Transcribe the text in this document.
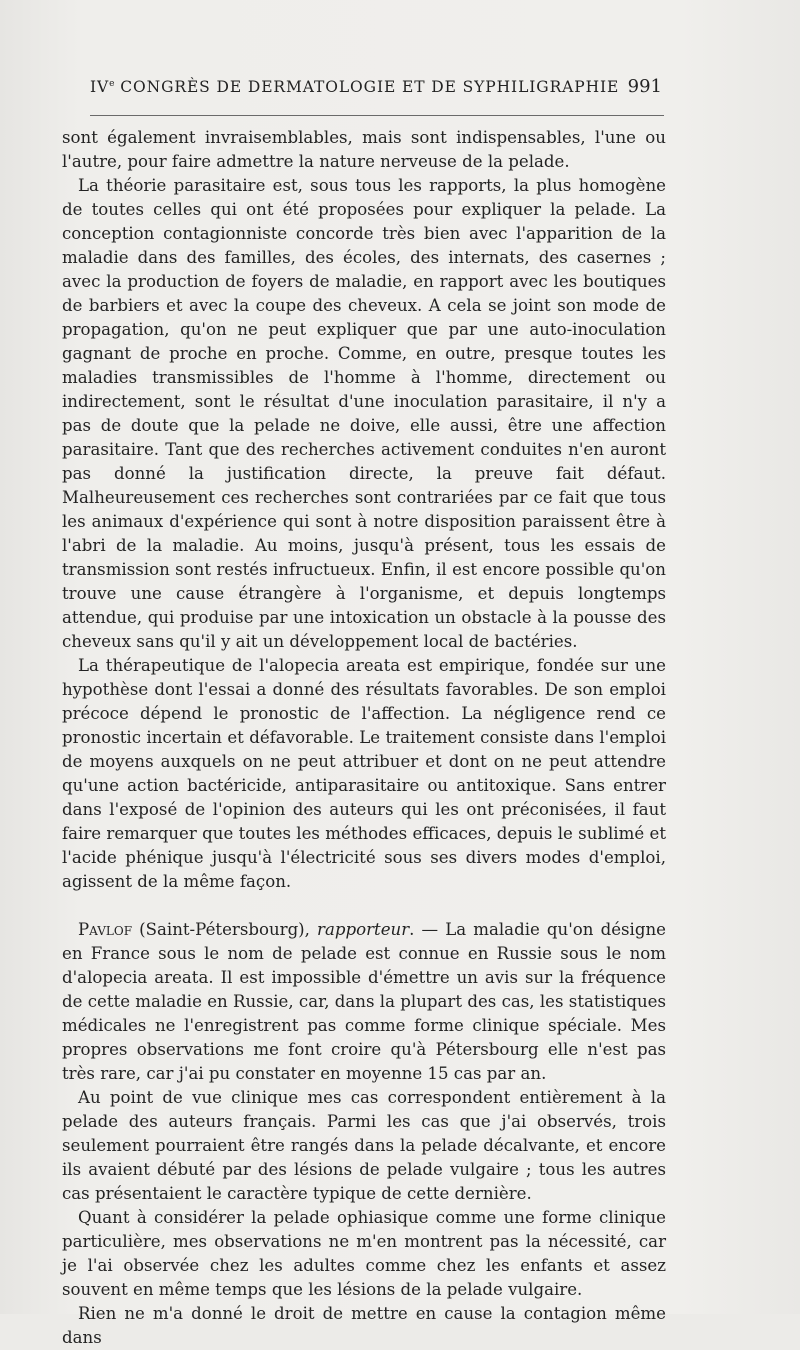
IVe CONGRÈS DE DERMATOLOGIE ET DE SYPHILIGRAPHIE 991

sont également invraisemblables, mais sont indispensables, l'une ou l'autre, pour faire admettre la nature nerveuse de la pelade.

La théorie parasitaire est, sous tous les rapports, la plus homogène de toutes celles qui ont été proposées pour expliquer la pelade. La conception contagionniste concorde très bien avec l'apparition de la maladie dans des familles, des écoles, des internats, des casernes ; avec la production de foyers de maladie, en rapport avec les boutiques de barbiers et avec la coupe des cheveux. A cela se joint son mode de propagation, qu'on ne peut expliquer que par une auto-inoculation gagnant de proche en proche. Comme, en outre, presque toutes les maladies transmissibles de l'homme à l'homme, directement ou indirectement, sont le résultat d'une inoculation parasitaire, il n'y a pas de doute que la pelade ne doive, elle aussi, être une affection parasitaire. Tant que des recherches activement conduites n'en auront pas donné la justification directe, la preuve fait défaut. Malheureusement ces recherches sont contrariées par ce fait que tous les animaux d'expérience qui sont à notre disposition paraissent être à l'abri de la maladie. Au moins, jusqu'à présent, tous les essais de transmission sont restés infructueux. Enfin, il est encore possible qu'on trouve une cause étrangère à l'organisme, et depuis longtemps attendue, qui produise par une intoxication un obstacle à la pousse des cheveux sans qu'il y ait un développement local de bactéries.

La thérapeutique de l'alopecia areata est empirique, fondée sur une hypothèse dont l'essai a donné des résultats favorables. De son emploi précoce dépend le pronostic de l'affection. La négligence rend ce pronostic incertain et défavorable. Le traitement consiste dans l'emploi de moyens auxquels on ne peut attribuer et dont on ne peut attendre qu'une action bactéricide, antiparasitaire ou antitoxique. Sans entrer dans l'exposé de l'opinion des auteurs qui les ont préconisées, il faut faire remarquer que toutes les méthodes efficaces, depuis le sublimé et l'acide phénique jusqu'à l'électricité sous ses divers modes d'emploi, agissent de la même façon.

Pavlof (Saint-Pétersbourg), rapporteur. — La maladie qu'on désigne en France sous le nom de pelade est connue en Russie sous le nom d'alopecia areata. Il est impossible d'émettre un avis sur la fréquence de cette maladie en Russie, car, dans la plupart des cas, les statistiques médicales ne l'enregistrent pas comme forme clinique spéciale. Mes propres observations me font croire qu'à Pétersbourg elle n'est pas très rare, car j'ai pu constater en moyenne 15 cas par an.

Au point de vue clinique mes cas correspondent entièrement à la pelade des auteurs français. Parmi les cas que j'ai observés, trois seulement pourraient être rangés dans la pelade décalvante, et encore ils avaient débuté par des lésions de pelade vulgaire ; tous les autres cas présentaient le caractère typique de cette dernière.

Quant à considérer la pelade ophiasique comme une forme clinique particulière, mes observations ne m'en montrent pas la nécessité, car je l'ai observée chez les adultes comme chez les enfants et assez souvent en même temps que les lésions de la pelade vulgaire.

Rien ne m'a donné le droit de mettre en cause la contagion même dans
